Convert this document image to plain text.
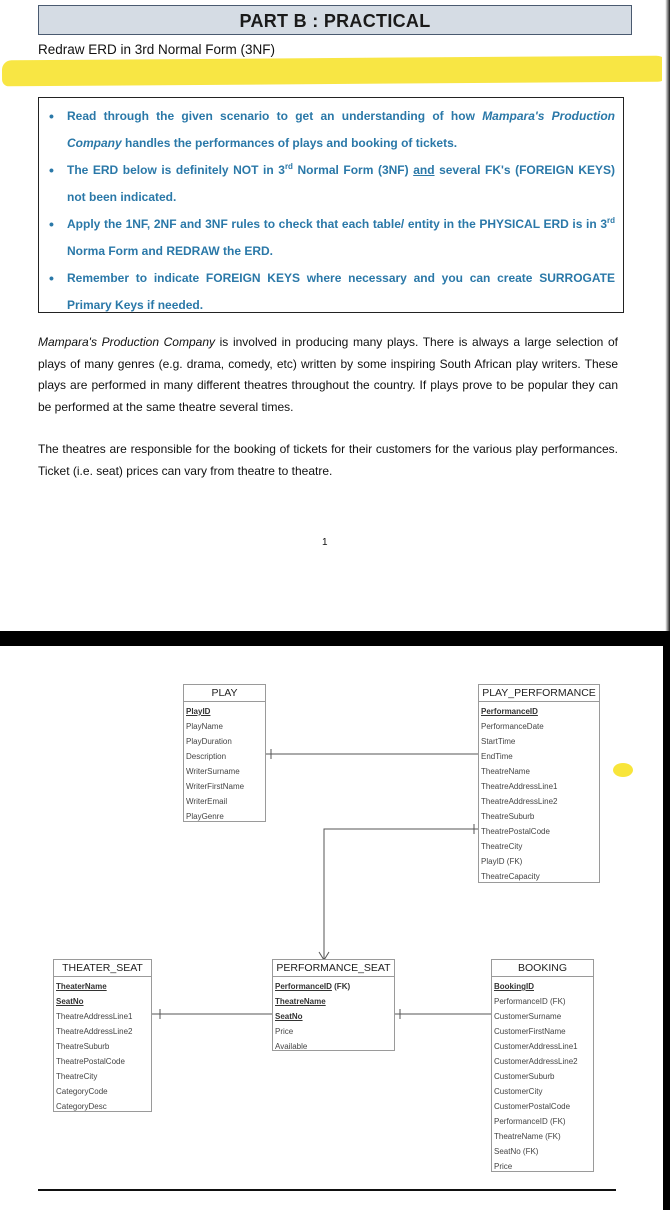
PART B : PRACTICAL
Redraw ERD in 3rd Normal Form (3NF)
• Read through the given scenario to get an understanding of how Mampara's Production Company handles the performances of plays and booking of tickets.
• The ERD below is definitely NOT in 3rd Normal Form (3NF) and several FK's (FOREIGN KEYS) not been indicated.
• Apply the 1NF, 2NF and 3NF rules to check that each table/ entity in the PHYSICAL ERD is in 3rd Norma Form and REDRAW the ERD.
• Remember to indicate FOREIGN KEYS where necessary and you can create SURROGATE Primary Keys if needed.
Mampara's Production Company is involved in producing many plays. There is always a large selection of plays of many genres (e.g. drama, comedy, etc) written by some inspiring South African play writers. These plays are performed in many different theatres throughout the country. If plays prove to be popular they can be performed at the same theatre several times.
The theatres are responsible for the booking of tickets for their customers for the various play performances. Ticket (i.e. seat) prices can vary from theatre to theatre.
1
PLAY
PlayID
PlayName
PlayDuration
Description
WriterSurname
WriterFirstName
WriterEmail
PlayGenre
PLAY_PERFORMANCE
PerformanceID
PerformanceDate
StartTime
EndTime
TheatreName
TheatreAddressLine1
TheatreAddressLine2
TheatreSuburb
TheatrePostalCode
TheatreCity
PlayID (FK)
TheatreCapacity
THEATER_SEAT
TheaterName
SeatNo
TheatreAddressLine1
TheatreAddressLine2
TheatreSuburb
TheatrePostalCode
TheatreCity
CategoryCode
CategoryDesc
PERFORMANCE_SEAT
PerformanceID (FK)
TheatreName
SeatNo
Price
Available
BOOKING
BookingID
PerformanceID (FK)
CustomerSurname
CustomerFirstName
CustomerAddressLine1
CustomerAddressLine2
CustomerSuburb
CustomerCity
CustomerPostalCode
PerformanceID (FK)
TheatreName (FK)
SeatNo (FK)
Price
